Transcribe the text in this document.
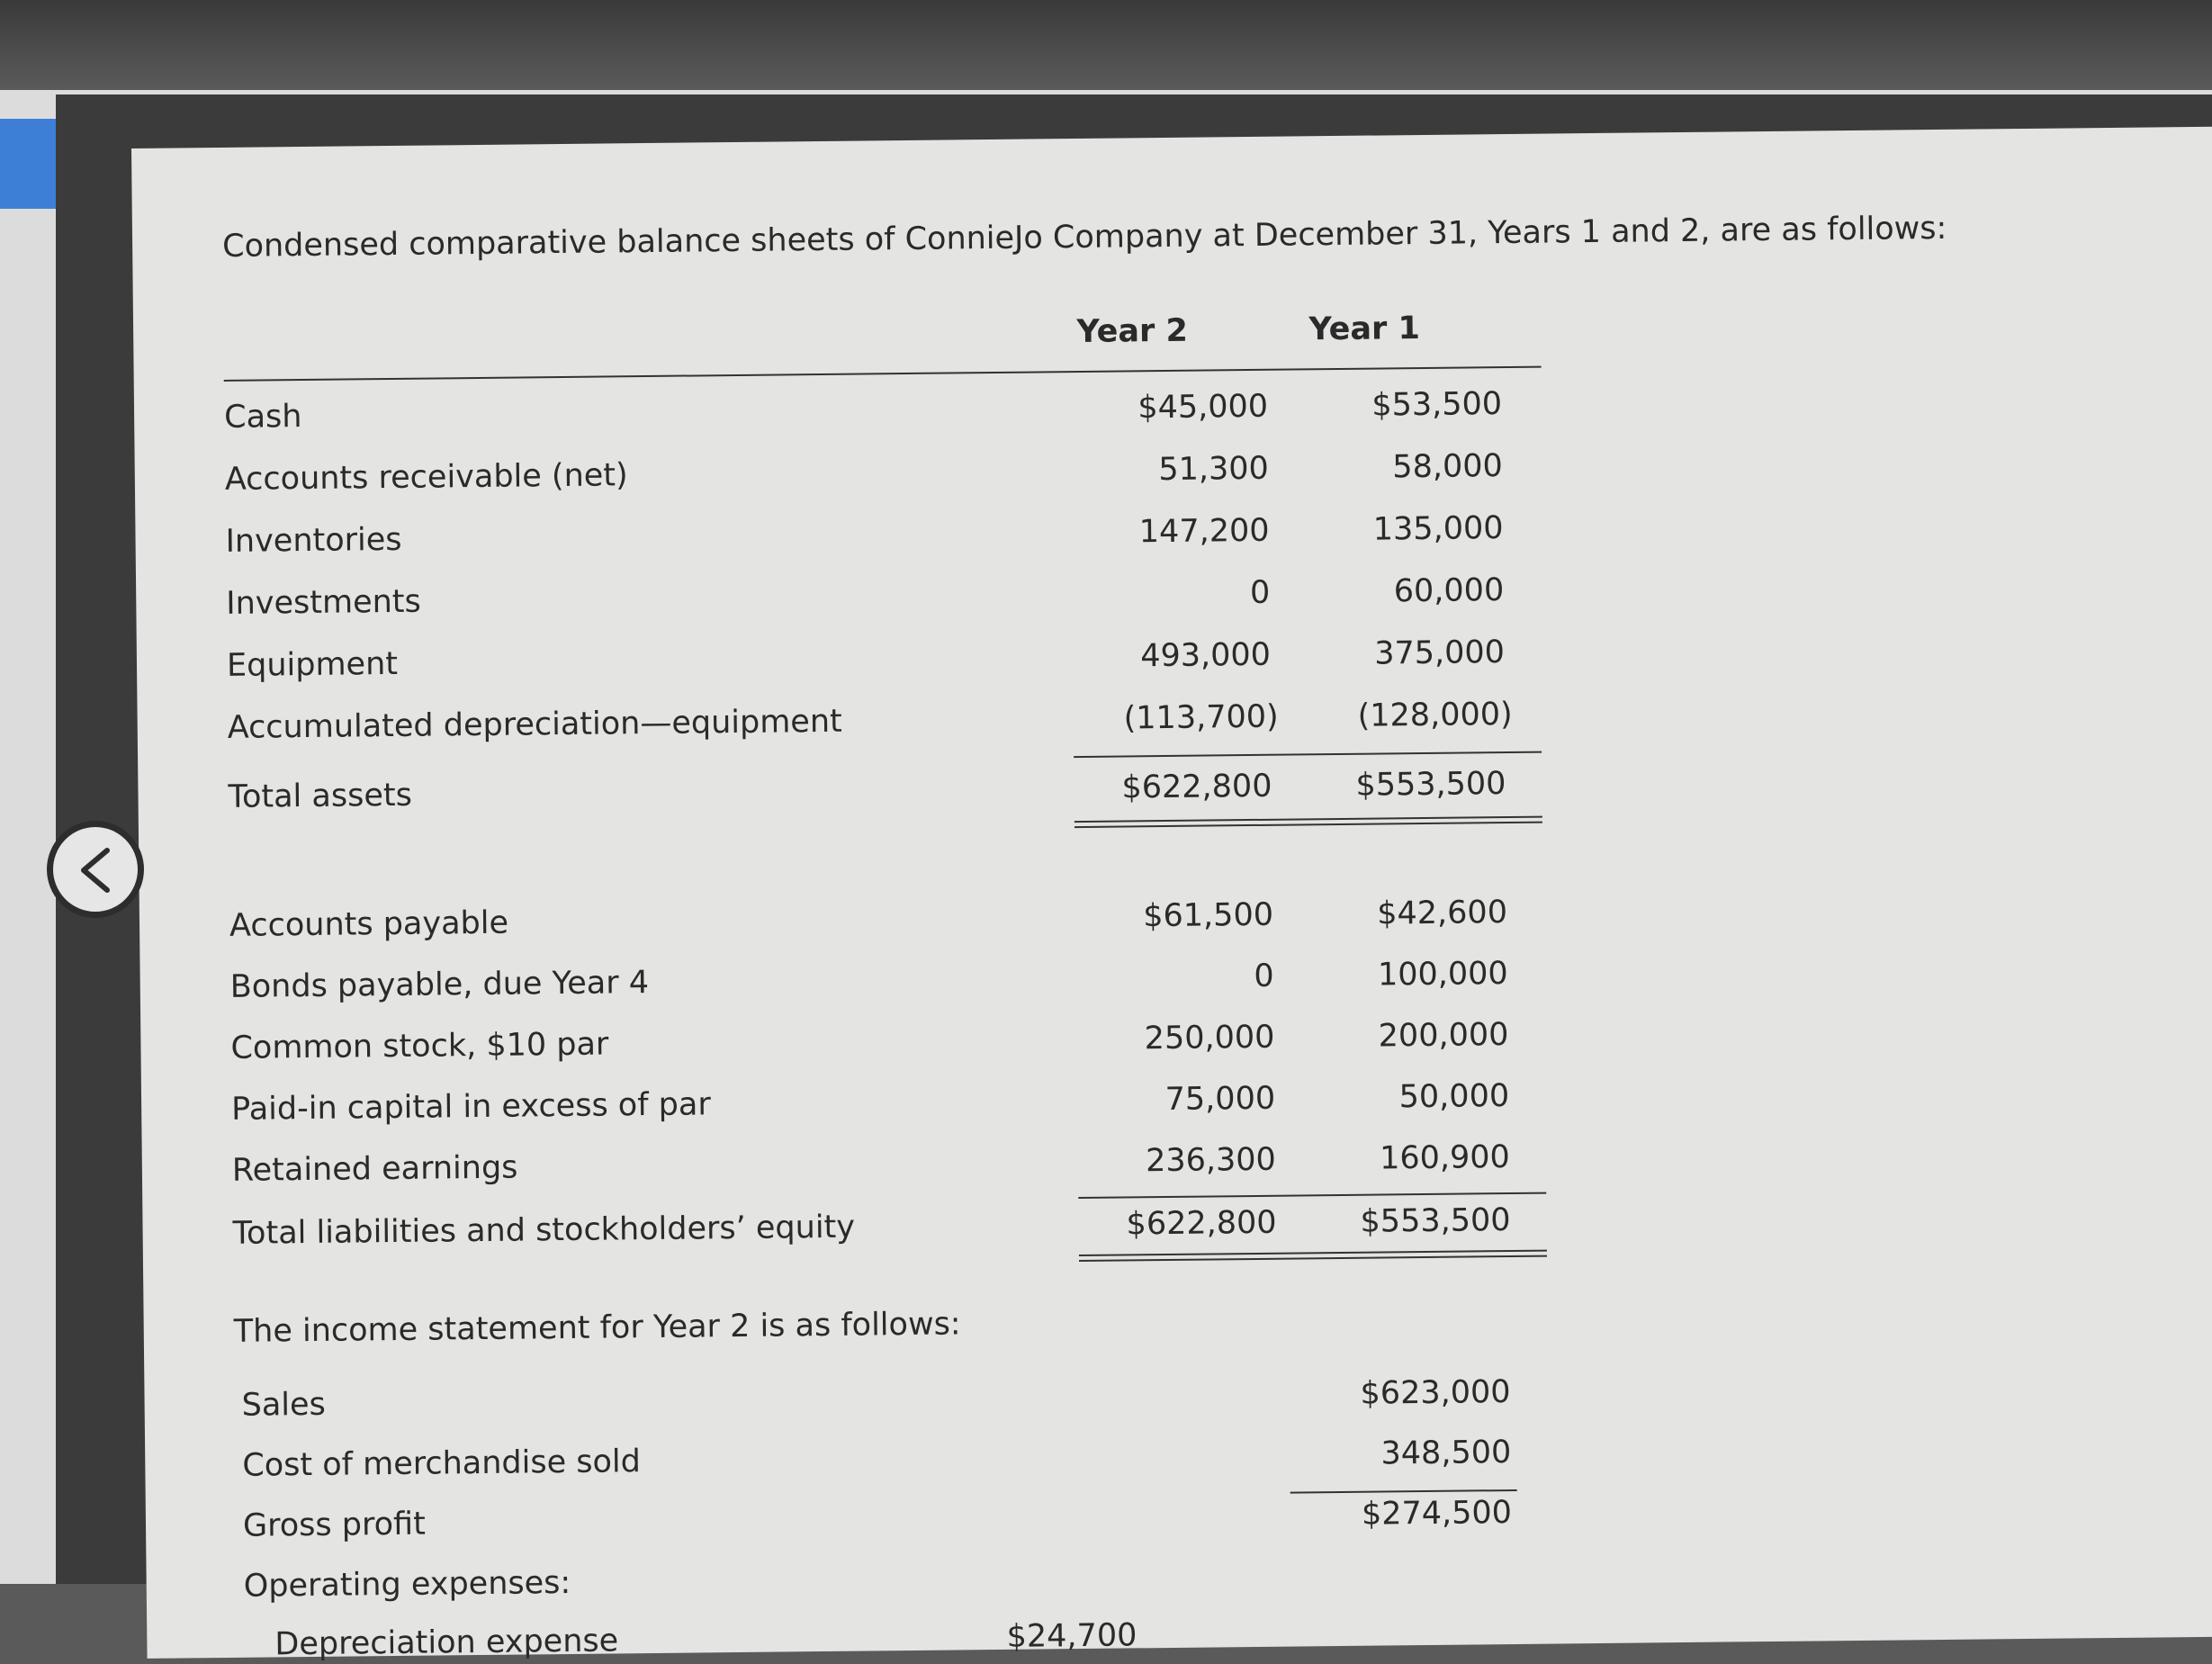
Condensed comparative balance sheets of ConnieJo Company at December 31, Years 1 and 2, are as follows:
Year 2	Year 1
Cash	$45,000	$53,500
Accounts receivable (net)	51,300	58,000
Inventories	147,200	135,000
Investments	0	60,000
Equipment	493,000	375,000
Accumulated depreciation—equipment	(113,700)	(128,000)
Total assets	$622,800	$553,500
Accounts payable	$61,500	$42,600
Bonds payable, due Year 4	0	100,000
Common stock, $10 par	250,000	200,000
Paid-in capital in excess of par	75,000	50,000
Retained earnings	236,300	160,900
Total liabilities and stockholders’ equity	$622,800	$553,500
The income statement for Year 2 is as follows:
Sales	$623,000
Cost of merchandise sold	348,500
Gross profit	$274,500
Operating expenses:
Depreciation expense	$24,700
